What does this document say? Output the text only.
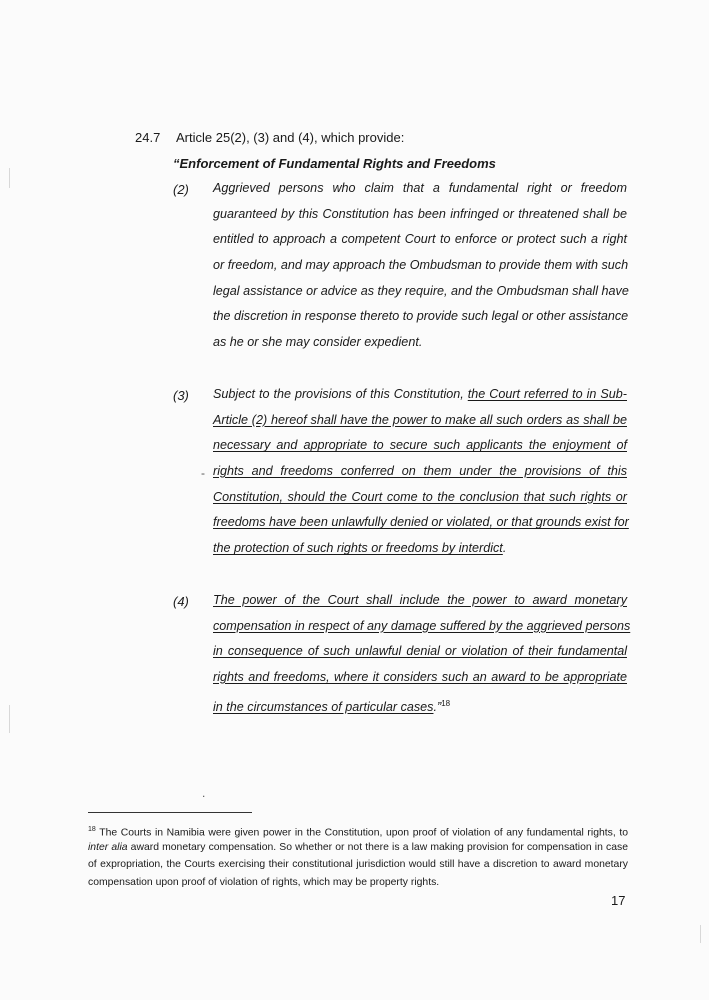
24.7 Article 25(2), (3) and (4), which provide:
“Enforcement of Fundamental Rights and Freedoms
(2) Aggrieved persons who claim that a fundamental right or freedom
guaranteed by this Constitution has been infringed or threatened shall be
entitled to approach a competent Court to enforce or protect such a right
or freedom, and may approach the Ombudsman to provide them with such
legal assistance or advice as they require, and the Ombudsman shall have
the discretion in response thereto to provide such legal or other assistance
as he or she may consider expedient.
(3) Subject to the provisions of this Constitution, the Court referred to in Sub-
Article (2) hereof shall have the power to make all such orders as shall be
necessary and appropriate to secure such applicants the enjoyment of
rights and freedoms conferred on them under the provisions of this
Constitution, should the Court come to the conclusion that such rights or
freedoms have been unlawfully denied or violated, or that grounds exist for
the protection of such rights or freedoms by interdict.
-
(4) The power of the Court shall include the power to award monetary
compensation in respect of any damage suffered by the aggrieved persons
in consequence of such unlawful denial or violation of their fundamental
rights and freedoms, where it considers such an award to be appropriate
in the circumstances of particular cases.”$^{18}$
.
$^{18}$ The Courts in Namibia were given power in the Constitution, upon proof of violation of any fundamental rights, to
inter alia award monetary compensation. So whether or not there is a law making provision for compensation in case
of expropriation, the Courts exercising their constitutional jurisdiction would still have a discretion to award monetary
compensation upon proof of violation of rights, which may be property rights.
17
